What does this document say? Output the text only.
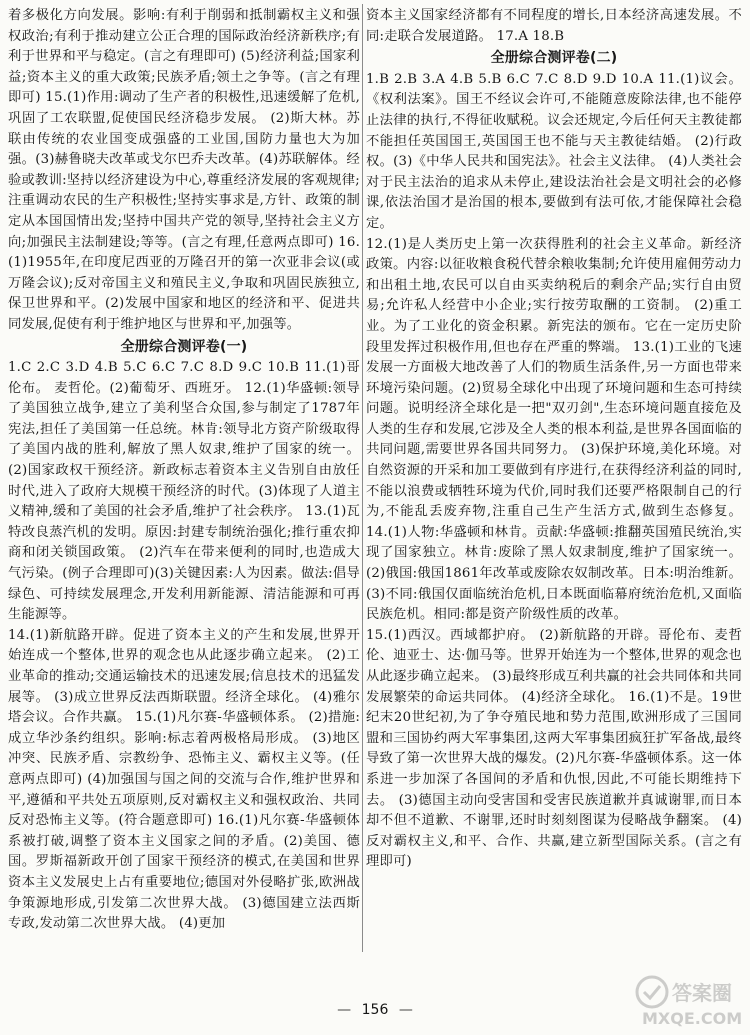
着多极化方向发展。影响:有利于削弱和抵制霸权主义和强权政治;有利于推动建立公正合理的国际政治经济新秩序;有利于世界和平与稳定。(言之有理即可) (5)经济利益;国家利益;资本主义的重大政策;民族矛盾;领土之争等。(言之有理即可) 15.(1)作用:调动了生产者的积极性,迅速缓解了危机,巩固了工农联盟,促使国民经济稳步发展。 (2)斯大林。苏联由传统的农业国变成强盛的工业国,国防力量也大为加强。(3)赫鲁晓夫改革或戈尔巴乔夫改革。(4)苏联解体。经验或教训:坚持以经济建设为中心,尊重经济发展的客观规律;注重调动农民的生产积极性;坚持实事求是,方针、政策的制定从本国国情出发;坚持中国共产党的领导,坚持社会主义方向;加强民主法制建设;等等。(言之有理,任意两点即可) 16.(1)1955年,在印度尼西亚的万隆召开的第一次亚非会议(或万隆会议);反对帝国主义和殖民主义,争取和巩固民族独立,保卫世界和平。(2)发展中国家和地区的经济和平、促进共同发展,促使有利于维护地区与世界和平,加强等。

全册综合测评卷(一)

1.C 2.C 3.D 4.B 5.C 6.C 7.C 8.D 9.C 10.B 11.(1)哥伦布。 麦哲伦。(2)葡萄牙、西班牙。 12.(1)华盛顿:领导了美国独立战争,建立了美利坚合众国,参与制定了1787年宪法,担任了美国第一任总统。林肯:领导北方资产阶级取得了美国内战的胜利,解放了黑人奴隶,维护了国家的统一。 (2)国家政权干预经济。新政标志着资本主义告别自由放任时代,进入了政府大规模干预经济的时代。(3)体现了人道主义精神,缓和了美国的社会矛盾,维护了社会秩序。 13.(1)瓦特改良蒸汽机的发明。原因:封建专制统治强化;推行重农抑商和闭关锁国政策。 (2)汽车在带来便利的同时,也造成大气污染。(例子合理即可)(3)关键因素:人为因素。做法:倡导绿色、可持续发展理念,开发利用新能源、清洁能源和可再生能源等。

14.(1)新航路开辟。促进了资本主义的产生和发展,世界开始连成一个整体,世界的观念也从此逐步确立起来。 (2)工业革命的推动;交通运输技术的迅速发展;信息技术的迅猛发展等。 (3)成立世界反法西斯联盟。经济全球化。 (4)雅尔塔会议。合作共赢。 15.(1)凡尔赛-华盛顿体系。 (2)措施:成立华沙条约组织。影响:标志着两极格局形成。 (3)地区冲突、民族矛盾、宗教纷争、恐怖主义、霸权主义等。(任意两点即可) (4)加强国与国之间的交流与合作,维护世界和平,遵循和平共处五项原则,反对霸权主义和强权政治、共同反对恐怖主义等。(符合题意即可) 16.(1)凡尔赛-华盛顿体系被打破,调整了资本主义国家之间的矛盾。(2)美国、德国。罗斯福新政开创了国家干预经济的模式,在美国和世界资本主义发展史上占有重要地位;德国对外侵略扩张,欧洲战争策源地形成,引发第二次世界大战。 (3)德国建立法西斯专政,发动第二次世界大战。 (4)更加

资本主义国家经济都有不同程度的增长,日本经济高速发展。不同:走联合发展道路。 17.A 18.B

全册综合测评卷(二)

1.B 2.B 3.A 4.B 5.B 6.C 7.C 8.D 9.D 10.A 11.(1)议会。《权利法案》。国王不经议会许可,不能随意废除法律,也不能停止法律的执行,不得征收赋税。议会还规定,今后任何天主教徒都不能担任英国国王,英国国王也不能与天主教徒结婚。 (2)行政权。(3)《中华人民共和国宪法》。社会主义法律。 (4)人类社会对于民主法治的追求从未停止,建设法治社会是文明社会的必修课,依法治国才是治国的根本,要做到有法可依,才能保障社会稳定。

12.(1)是人类历史上第一次获得胜利的社会主义革命。新经济政策。内容:以征收粮食税代替余粮收集制;允许使用雇佣劳动力和出租土地,农民可以自由买卖纳税后的剩余产品;实行自由贸易;允许私人经营中小企业;实行按劳取酬的工资制。 (2)重工业。为了工业化的资金积累。新宪法的颁布。它在一定历史阶段里发挥过积极作用,但也存在严重的弊端。 13.(1)工业的飞速发展一方面极大地改善了人们的物质生活条件,另一方面也带来环境污染问题。(2)贸易全球化中出现了环境问题和生态可持续问题。说明经济全球化是一把"双刃剑",生态环境问题直接危及人类的生存和发展,它涉及全人类的根本利益,是世界各国面临的共同问题,需要世界各国共同努力。 (3)保护环境,美化环境。对自然资源的开采和加工要做到有序进行,在获得经济利益的同时,不能以浪费或牺牲环境为代价,同时我们还要严格限制自己的行为,不能乱丢废弃物,注重自己生产生活方式,做到生态修复。 14.(1)人物:华盛顿和林肯。贡献:华盛顿:推翻英国殖民统治,实现了国家独立。林肯:废除了黑人奴隶制度,维护了国家统一。 (2)俄国:俄国1861年改革或废除农奴制改革。日本:明治维新。 (3)不同:俄国仅面临统治危机,日本既面临幕府统治危机,又面临民族危机。相同:都是资产阶级性质的改革。

15.(1)西汉。西域都护府。 (2)新航路的开辟。哥伦布、麦哲伦、迪亚士、达·伽马等。世界开始连为一个整体,世界的观念也从此逐步确立起来。 (3)最终形成互利共赢的社会共同体和共同发展繁荣的命运共同体。 (4)经济全球化。 16.(1)不是。19世纪末20世纪初,为了争夺殖民地和势力范围,欧洲形成了三国同盟和三国协约两大军事集团,这两大军事集团疯狂扩军备战,最终导致了第一次世界大战的爆发。(2)凡尔赛-华盛顿体系。这一体系进一步加深了各国间的矛盾和仇恨,因此,不可能长期维持下去。 (3)德国主动向受害国和受害民族道歉并真诚谢罪,而日本却不但不道歉、不谢罪,还时时刻刻图谋为侵略战争翻案。 (4)反对霸权主义,和平、合作、共赢,建立新型国际关系。(言之有理即可)

— 156 —
答案圈
MXQE.COM
